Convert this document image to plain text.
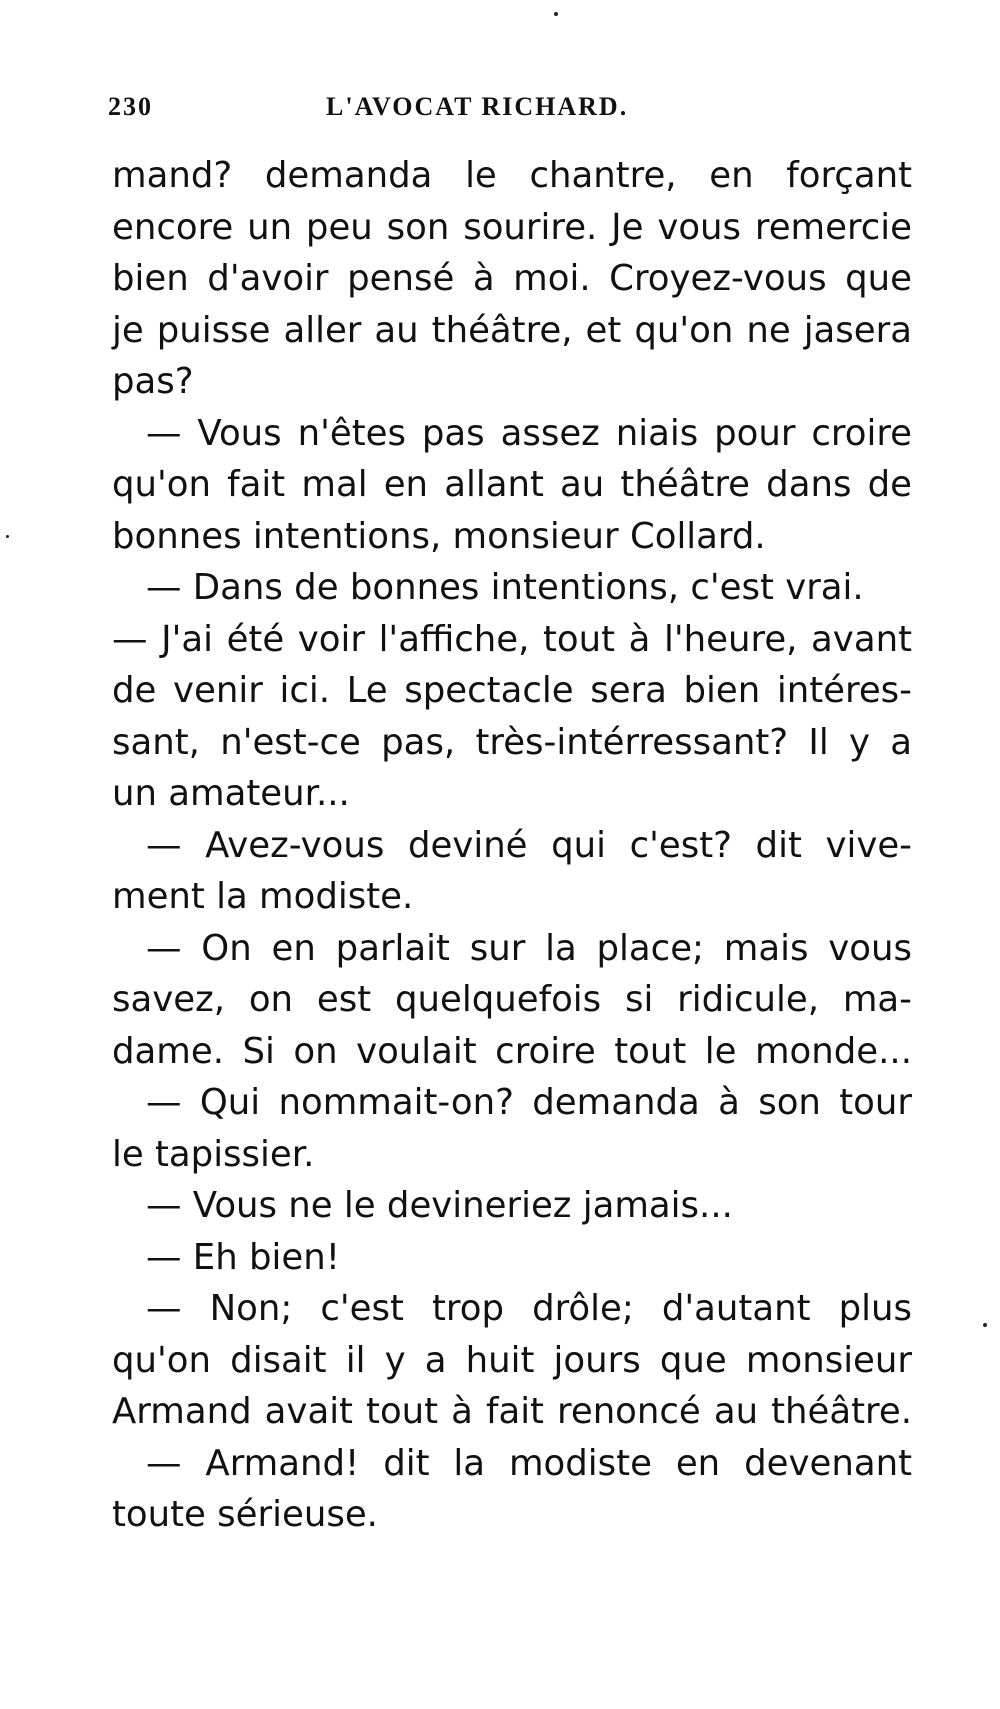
230	L'AVOCAT RICHARD.
mand? demanda le chantre, en forçant
encore un peu son sourire. Je vous remercie
bien d'avoir pensé à moi. Croyez-vous que
je puisse aller au théâtre, et qu'on ne jasera
pas?
— Vous n'êtes pas assez niais pour croire
qu'on fait mal en allant au théâtre dans de
bonnes intentions, monsieur Collard.
— Dans de bonnes intentions, c'est vrai.
— J'ai été voir l'affiche, tout à l'heure, avant
de venir ici. Le spectacle sera bien intéres-
sant, n'est-ce pas, très-intérressant? Il y a
un amateur...
— Avez-vous deviné qui c'est? dit vive-
ment la modiste.
— On en parlait sur la place; mais vous
savez, on est quelquefois si ridicule, ma-
dame. Si on voulait croire tout le monde...
— Qui nommait-on? demanda à son tour
le tapissier.
— Vous ne le devineriez jamais...
— Eh bien!
— Non; c'est trop drôle; d'autant plus
qu'on disait il y a huit jours que monsieur
Armand avait tout à fait renoncé au théâtre.
— Armand! dit la modiste en devenant
toute sérieuse.
